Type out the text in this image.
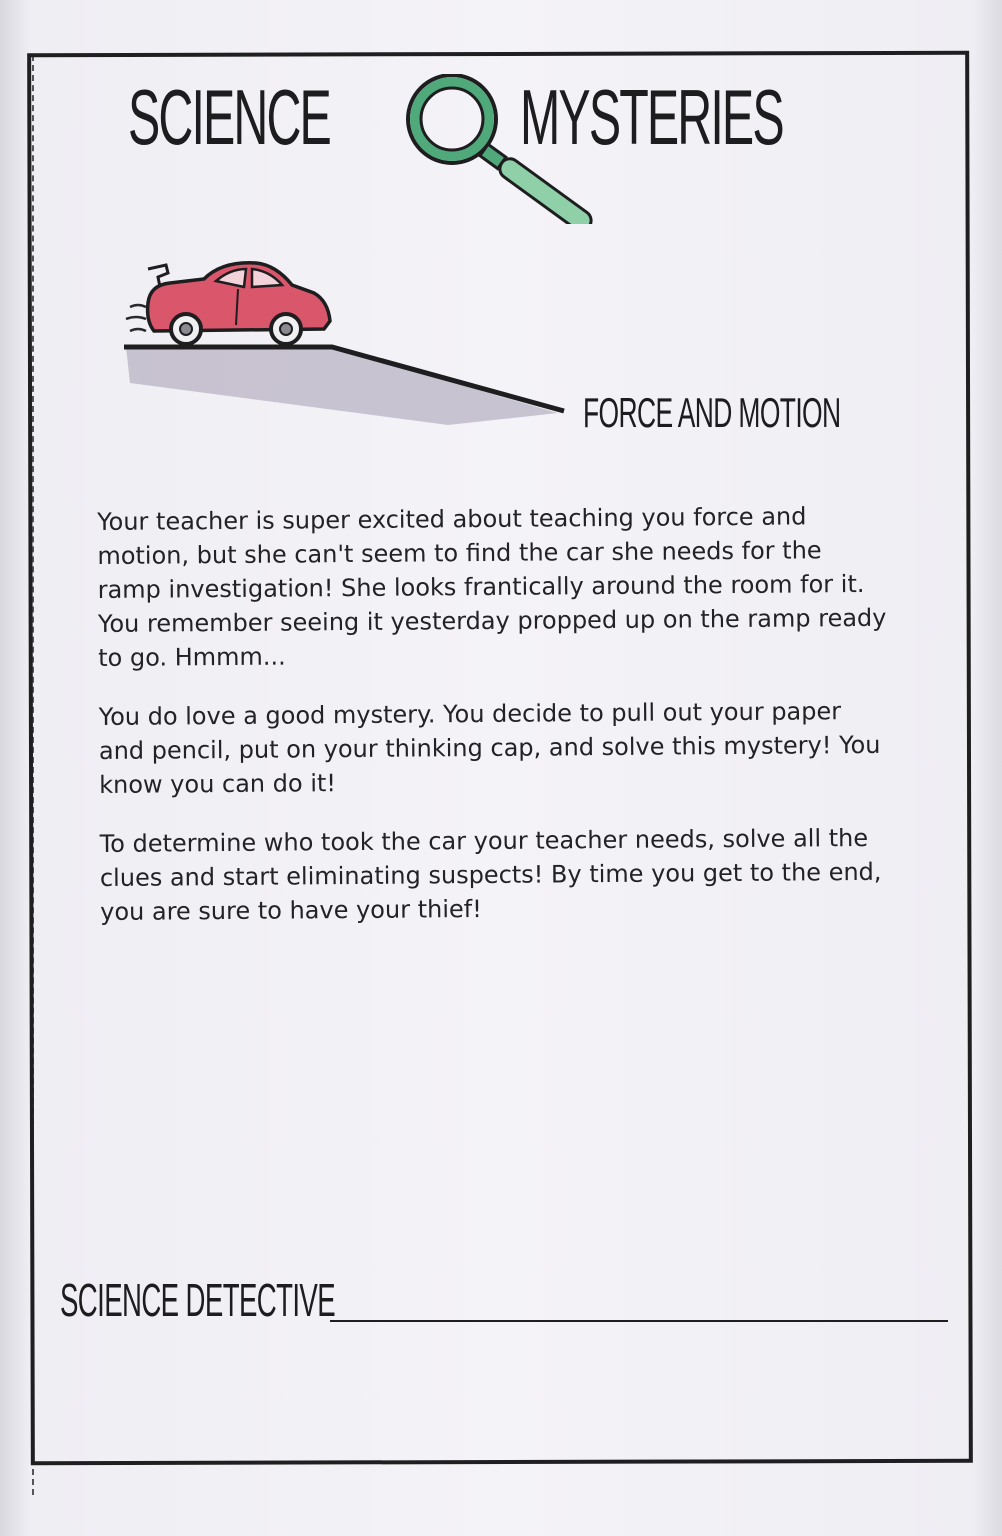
SCIENCE	MYSTERIES
FORCE AND MOTION

Your teacher is super excited about teaching you force and motion, but she can't seem to find the car she needs for the ramp investigation! She looks frantically around the room for it. You remember seeing it yesterday propped up on the ramp ready to go. Hmmm...

You do love a good mystery. You decide to pull out your paper and pencil, put on your thinking cap, and solve this mystery! You know you can do it!

To determine who took the car your teacher needs, solve all the clues and start eliminating suspects! By time you get to the end, you are sure to have your thief!

SCIENCE DETECTIVE
